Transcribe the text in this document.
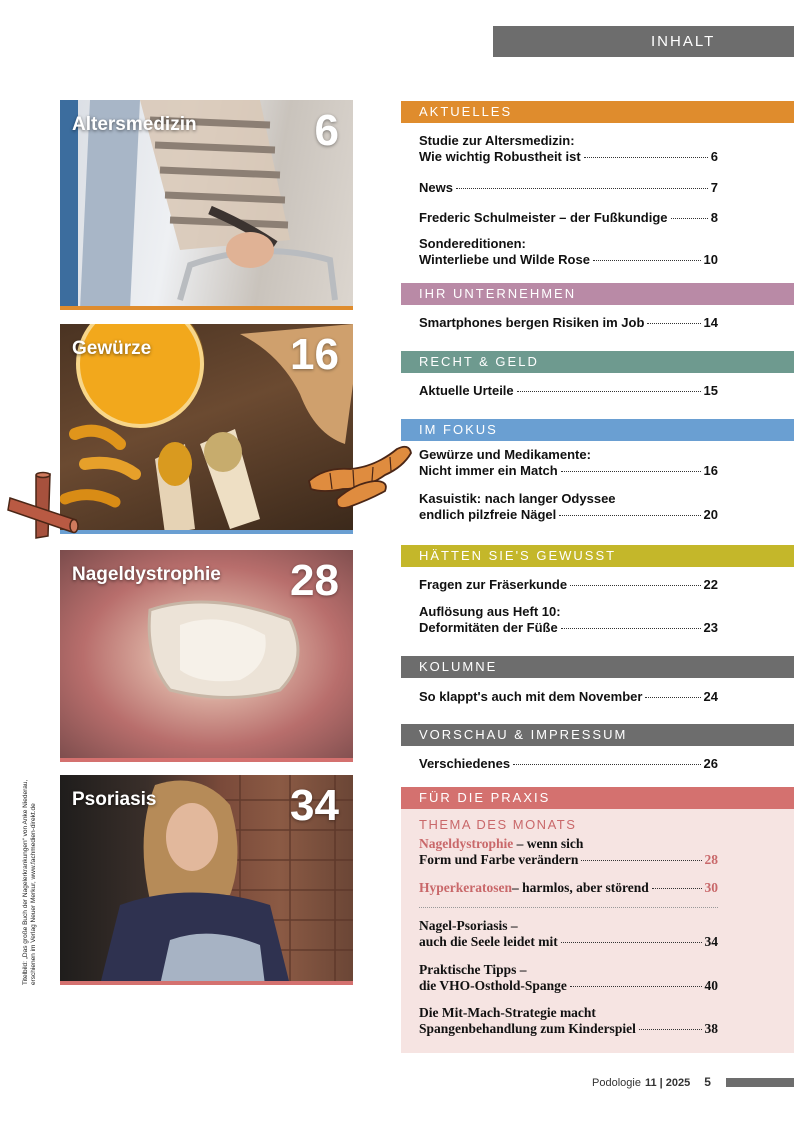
INHALT
Altersmedizin	6
Gewürze	16
Nageldystrophie 28
Psoriasis	34
Titelbild: „Das große Buch der Nagelerkrankungen“ von Anke Niederau, erschienen im Verlag Neuer Merkur, www.fachmedien-direkt.de
AKTUELLES
IHR UNTERNEHMEN
RECHT & GELD
IM FOKUS
HÄTTEN SIE'S GEWUSST
KOLUMNE
VORSCHAU & IMPRESSUM
FÜR DIE PRAXIS
Studie zur Altersmedizin:
Wie wichtig Robustheit ist	6
News	7
Frederic Schulmeister – der Fußkundige	8
Sondereditionen:
Winterliebe und Wilde Rose	10
Smartphones bergen Risiken im Job	14
Aktuelle Urteile	15
Gewürze und Medikamente:
Nicht immer ein Match	16
Kasuistik: nach langer Odyssee
endlich pilzfreie Nägel	20
Fragen zur Fräserkunde	22
Auflösung aus Heft 10:
Deformitäten der Füße	23
So klappt's auch mit dem November	24
Verschiedenes	26
THEMA DES MONATS
Nageldystrophie – wenn sich
Form und Farbe verändern	28
Hyperkeratosen – harmlos, aber störend	30
Nagel-Psoriasis –
auch die Seele leidet mit	34
Praktische Tipps –
die VHO-Osthold-Spange	40
Die Mit-Mach-Strategie macht
Spangenbehandlung zum Kinderspiel	38
Podologie 11 | 2025 5
